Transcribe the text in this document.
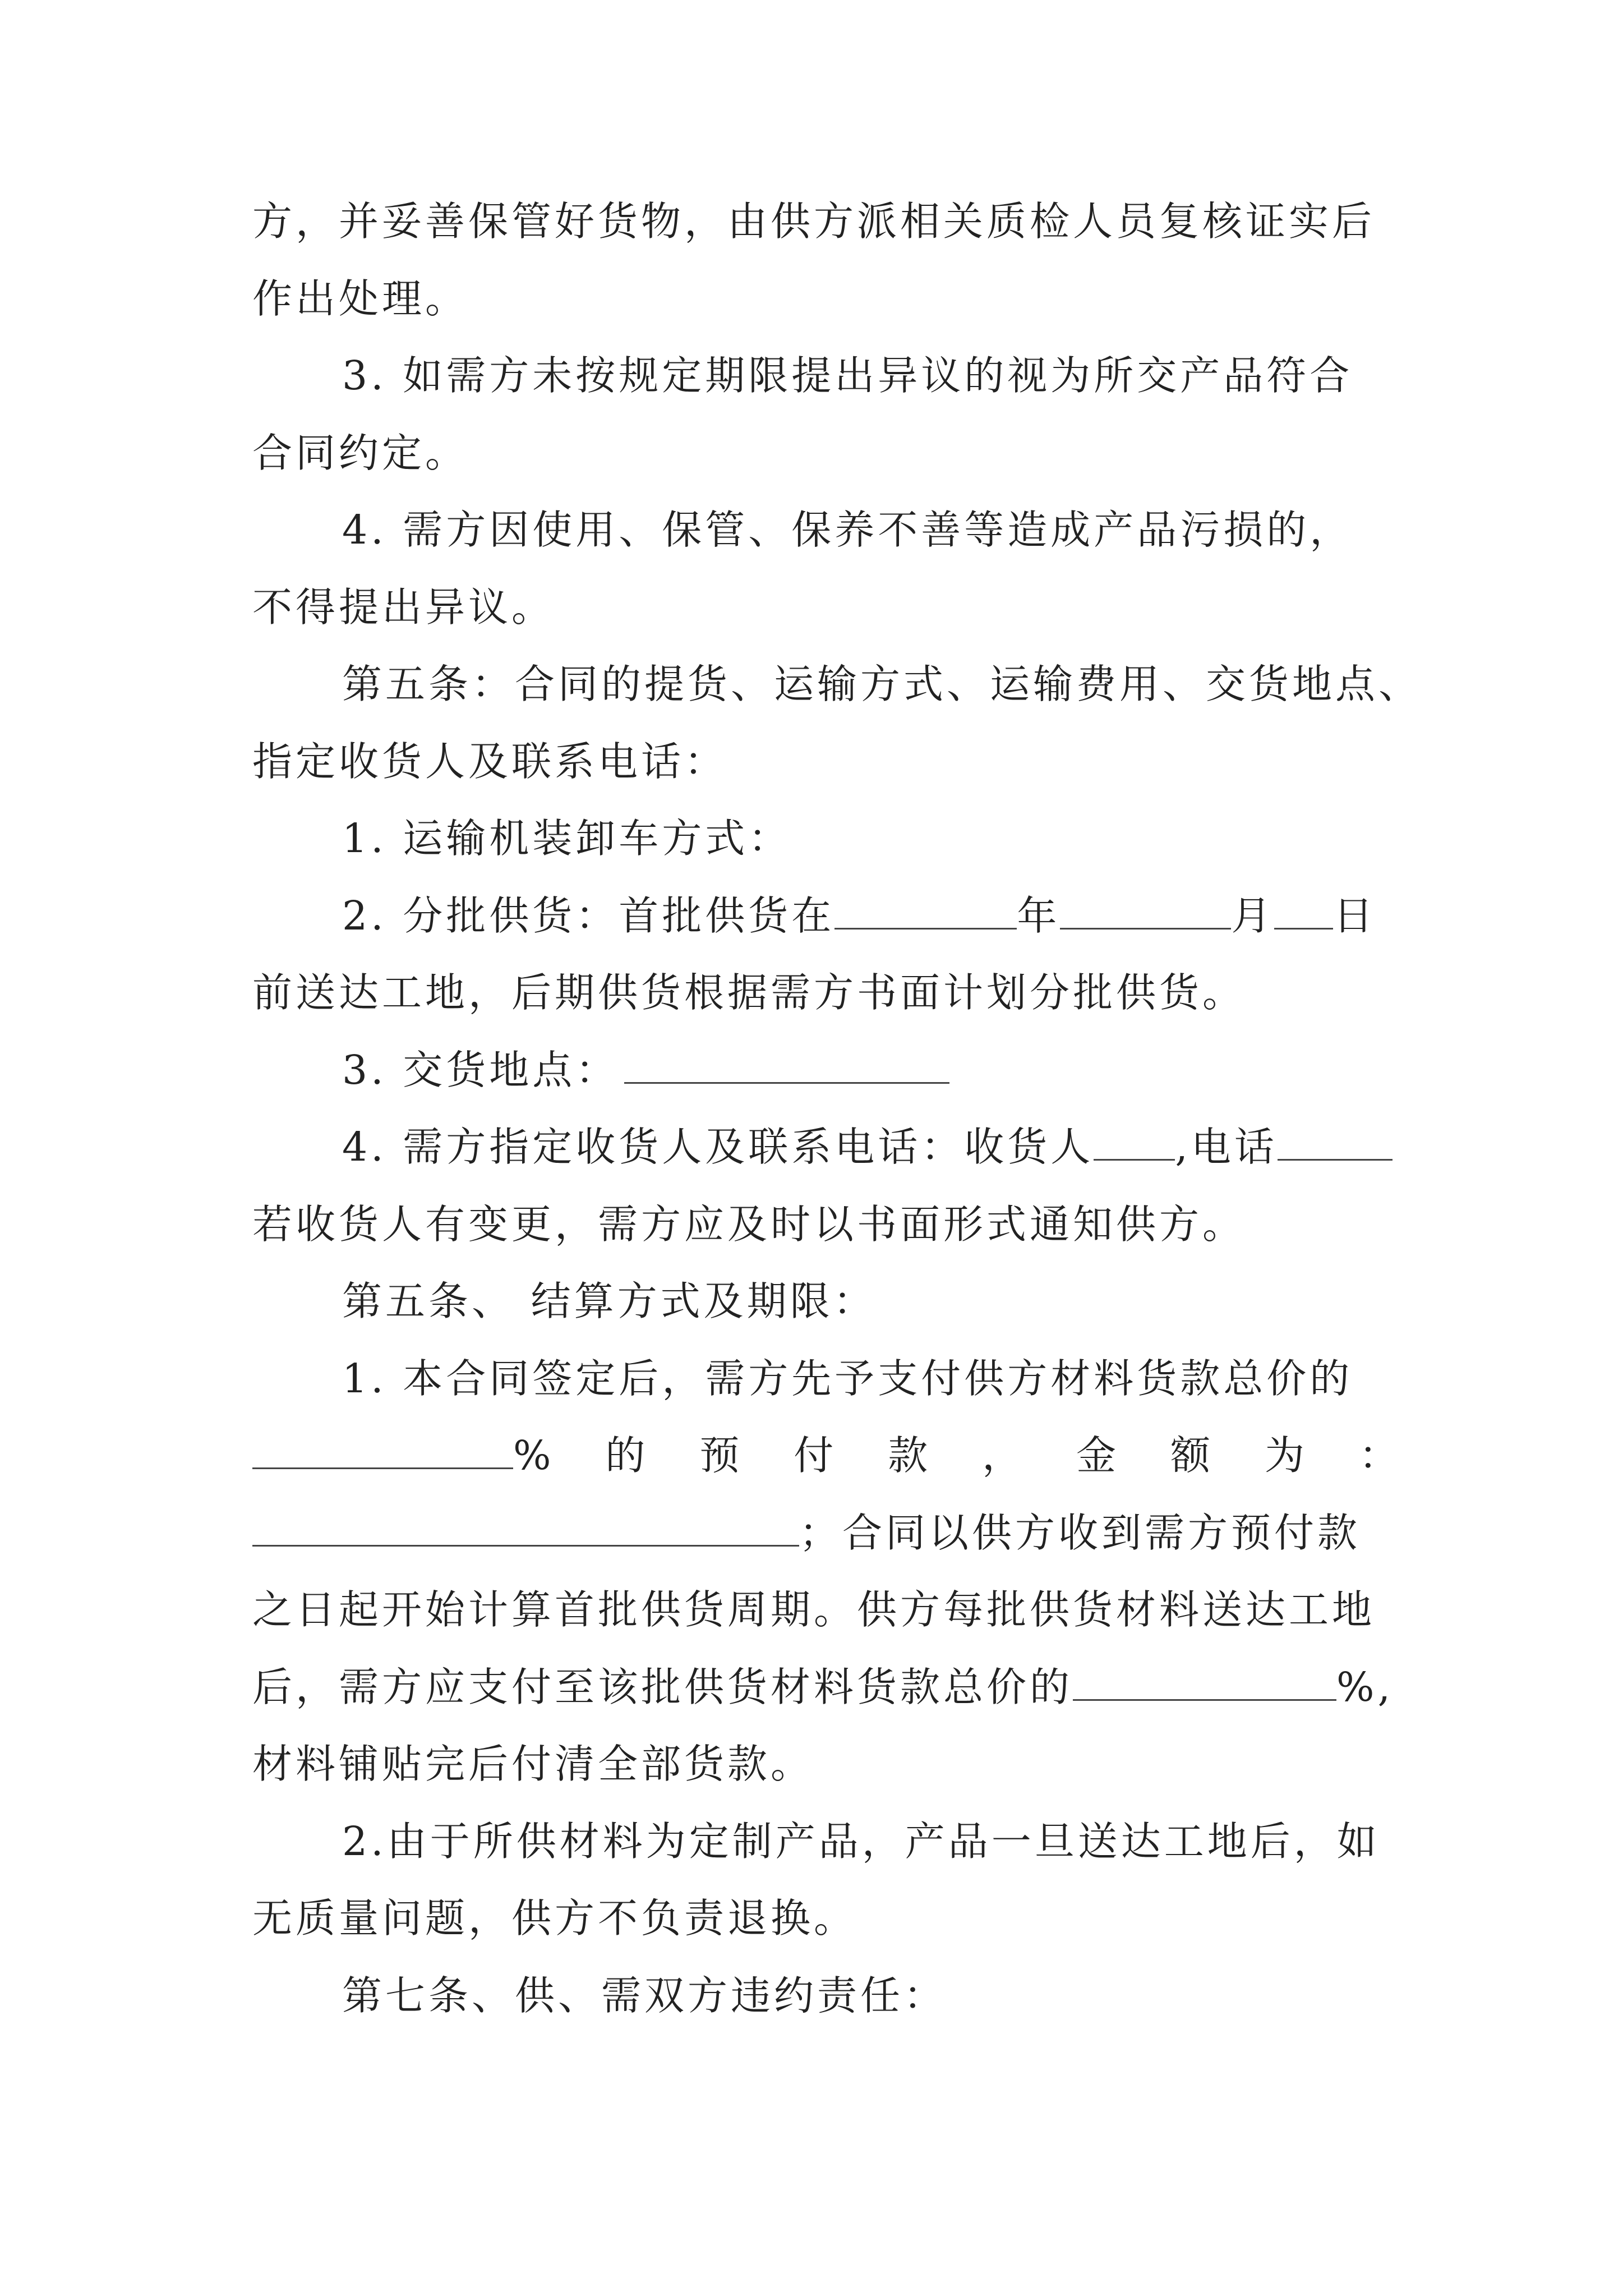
方，并妥善保管好货物，由供方派相关质检人员复核证实后
作出处理。
3. 如需方未按规定期限提出异议的视为所交产品符合
合同约定。
4. 需方因使用、保管、保养不善等造成产品污损的，
不得提出异议。
第五条：合同的提货、运输方式、运输费用、交货地点、
指定收货人及联系电话：
1. 运输机装卸车方式：
2. 分批供货：首批供货在	年	月 日
前送达工地，后期供货根据需方书面计划分批供货。
3. 交货地点：
4. 需方指定收货人及联系电话：收货人 ,电话
若收货人有变更，需方应及时以书面形式通知供方。
第五条、 结算方式及期限：
1. 本合同签定后，需方先予支付供方材料货款总价的
% 的 预 付 款 ， 金 额 为 ：
；合同以供方收到需方预付款
之日起开始计算首批供货周期。供方每批供货材料送达工地
后，需方应支付至该批供货材料货款总价的	%,
材料铺贴完后付清全部货款。
2.由于所供材料为定制产品，产品一旦送达工地后，如
无质量问题，供方不负责退换。
第七条、供、需双方违约责任：
